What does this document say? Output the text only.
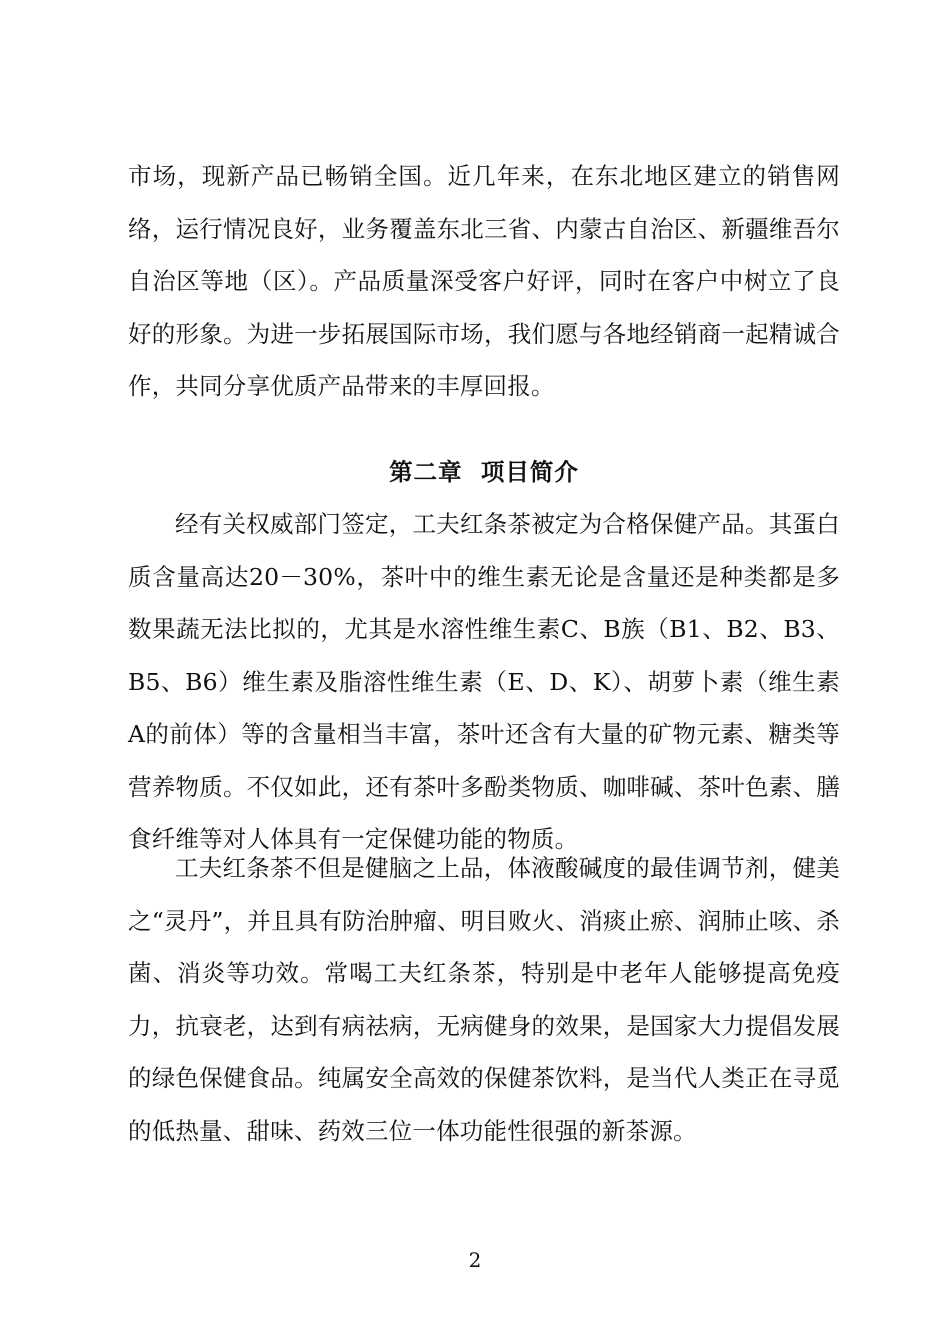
市场，现新产品已畅销全国。近几年来，在东北地区建立的销售网络，运行情况良好，业务覆盖东北三省、内蒙古自治区、新疆维吾尔自治区等地（区）。产品质量深受客户好评，同时在客户中树立了良好的形象。为进一步拓展国际市场，我们愿与各地经销商一起精诚合作，共同分享优质产品带来的丰厚回报。

第二章  项目简介

经有关权威部门签定，工夫红条茶被定为合格保健产品。其蛋白质含量高达20－30%，茶叶中的维生素无论是含量还是种类都是多数果蔬无法比拟的，尤其是水溶性维生素C、B族（B1、B2、B3、B5、B6）维生素及脂溶性维生素（E、D、K）、胡萝卜素（维生素A的前体）等的含量相当丰富，茶叶还含有大量的矿物元素、糖类等营养物质。不仅如此，还有茶叶多酚类物质、咖啡碱、茶叶色素、膳食纤维等对人体具有一定保健功能的物质。

工夫红条茶不但是健脑之上品，体液酸碱度的最佳调节剂，健美之“灵丹”，并且具有防治肿瘤、明目败火、消痰止瘀、润肺止咳、杀菌、消炎等功效。常喝工夫红条茶，特别是中老年人能够提高免疫力，抗衰老，达到有病祛病，无病健身的效果，是国家大力提倡发展的绿色保健食品。纯属安全高效的保健茶饮料，是当代人类正在寻觅的低热量、甜味、药效三位一体功能性很强的新茶源。

2
